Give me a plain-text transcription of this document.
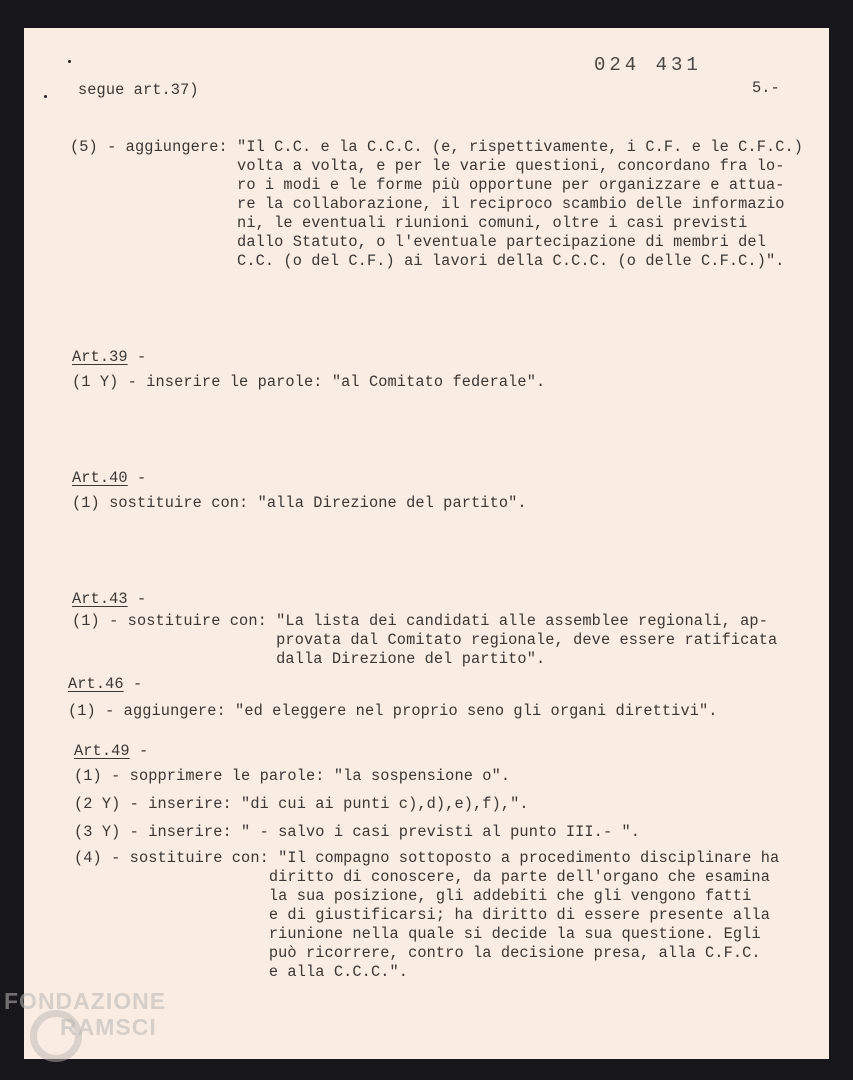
segue art.37)
024 431
5.-
(5) - aggiungere: "Il C.C. e la C.C.C. (e, rispettivamente, i C.F. e le C.F.C.)
volta a volta, e per le varie questioni, concordano fra lo-
ro i modi e le forme più opportune per organizzare e attua-
re la collaborazione, il reciproco scambio delle informazio
ni, le eventuali riunioni comuni, oltre i casi previsti
dallo Statuto, o l'eventuale partecipazione di membri del
C.C. (o del C.F.) ai lavori della C.C.C. (o delle C.F.C.)".
Art.39 -
(1 Y) - inserire le parole: "al Comitato federale".
Art.40 -
(1) sostituire con: "alla Direzione del partito".
Art.43 -
(1) - sostituire con: "La lista dei candidati alle assemblee regionali, ap-
provata dal Comitato regionale, deve essere ratificata
dalla Direzione del partito".
Art.46 -
(1) - aggiungere: "ed eleggere nel proprio seno gli organi direttivi".
Art.49 -
(1) - sopprimere le parole: "la sospensione o".
(2 Y) - inserire: "di cui ai punti c),d),e),f),".
(3 Y) - inserire: " - salvo i casi previsti al punto III.- ".
(4) - sostituire con: "Il compagno sottoposto a procedimento disciplinare ha
diritto di conoscere, da parte dell'organo che esamina
la sua posizione, gli addebiti che gli vengono fatti
e di giustificarsi; ha diritto di essere presente alla
riunione nella quale si decide la sua questione. Egli
può ricorrere, contro la decisione presa, alla C.F.C.
e alla C.C.C.".
FONDAZIONE
RAMSCI
